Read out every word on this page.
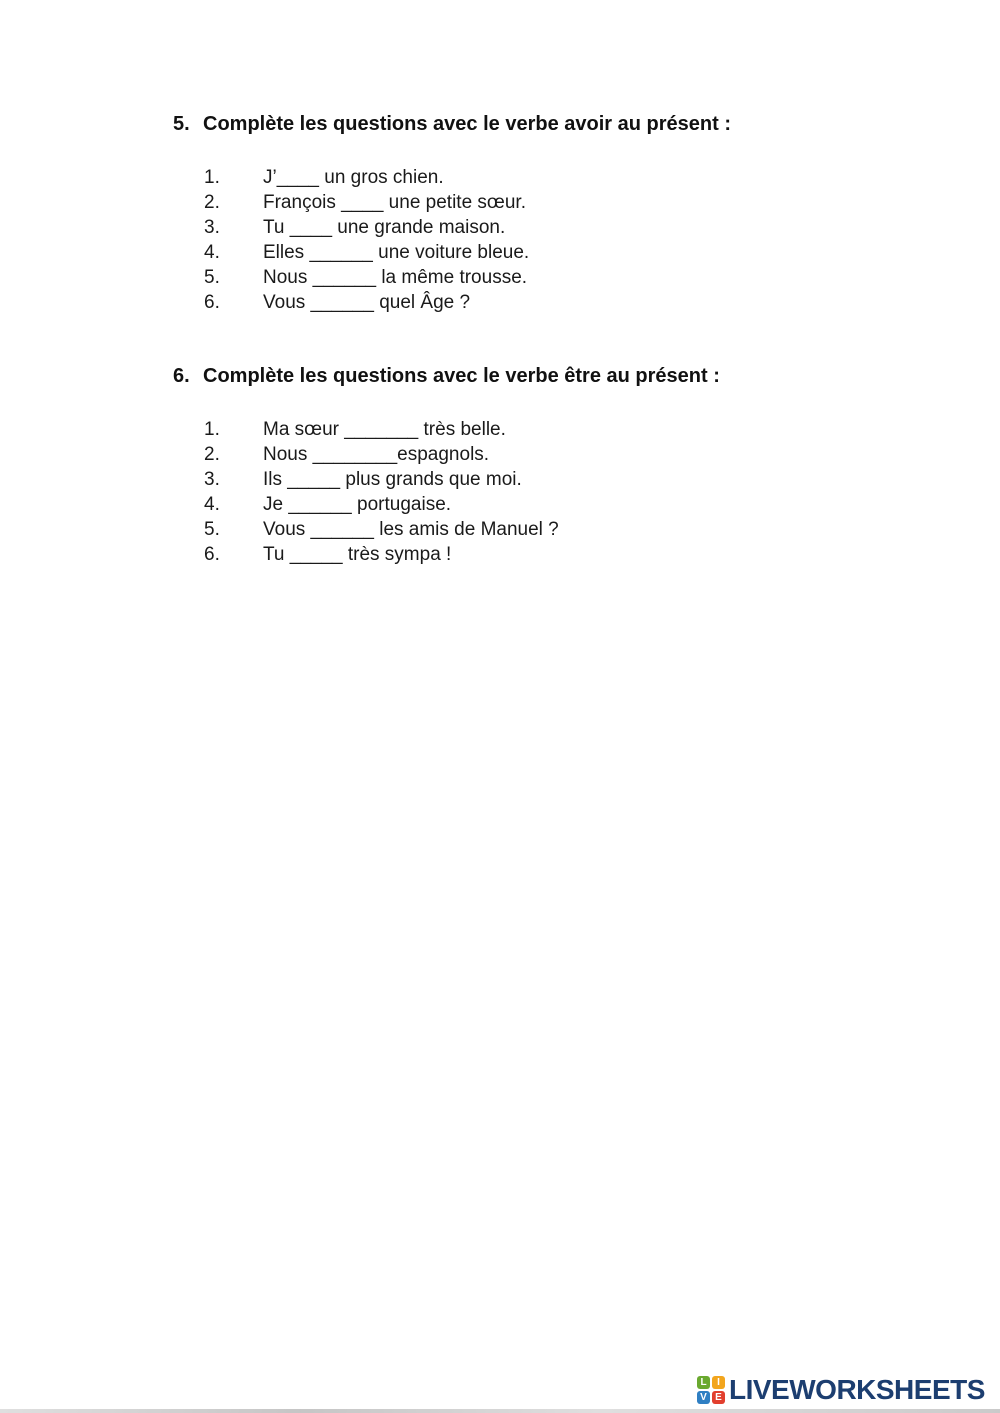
5. Complète les questions avec le verbe avoir au présent :
1.	J’____ un gros chien.
2.	François ____ une petite sœur.
3.	Tu ____ une grande maison.
4.	Elles ______ une voiture bleue.
5.	Nous ______ la même trousse.
6.	Vous ______ quel Âge ?
6. Complète les questions avec le verbe être au présent :
1.	Ma sœur _______ très belle.
2.	Nous ________espagnols.
3.	Ils _____ plus grands que moi.
4.	Je ______ portugaise.
5.	Vous ______ les amis de Manuel ?
6.	Tu _____ très sympa !
L	I
V E LIVEWORKSHEETS
